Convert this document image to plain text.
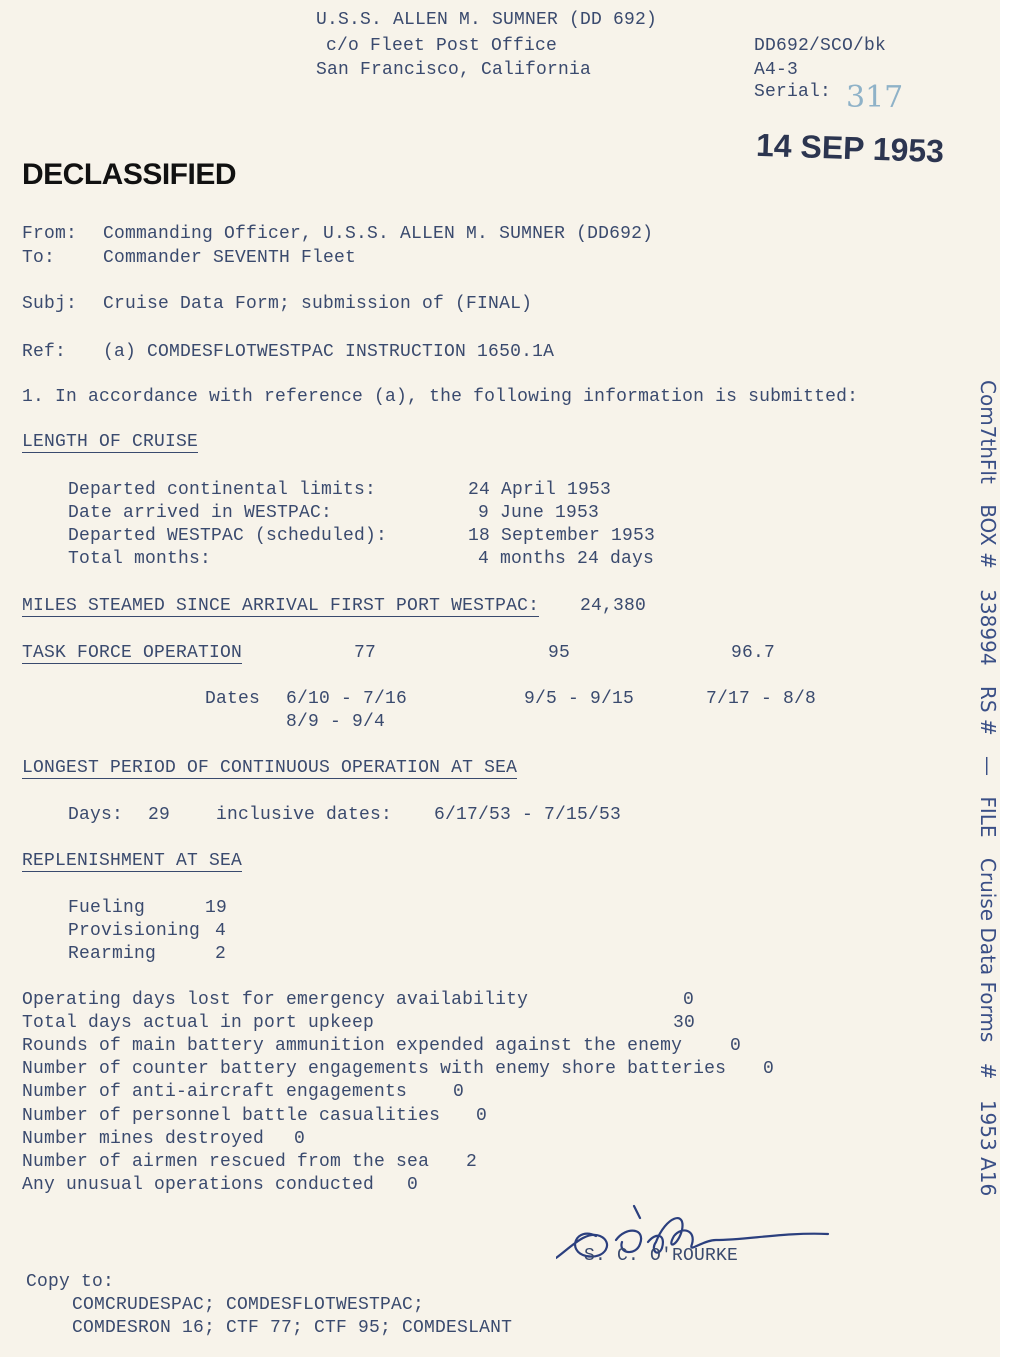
U.S.S. ALLEN M. SUMNER (DD 692)
c/o Fleet Post Office
San Francisco, California
DD692/SCO/bk
A4-3
Serial: 317
14 SEP 1953
DECLASSIFIED
From: Commanding Officer, U.S.S. ALLEN M. SUMNER (DD692)
To:	Commander SEVENTH Fleet
Subj: Cruise Data Form; submission of (FINAL)
Ref: (a) COMDESFLOTWESTPAC INSTRUCTION 1650.1A
1. In accordance with reference (a), the following information is submitted:
LENGTH OF CRUISE
Departed continental limits:	24 April 1953
Date arrived in WESTPAC:	9 June 1953
Departed WESTPAC (scheduled):	18 September 1953
Total months:	4 months 24 days
MILES STEAMED SINCE ARRIVAL FIRST PORT WESTPAC: 24,380
TASK FORCE OPERATION	77	95	96.7
Dates 6/10 - 7/16	9/5 - 9/15	7/17 - 8/8
8/9 - 9/4
LONGEST PERIOD OF CONTINUOUS OPERATION AT SEA
Days: 29	inclusive dates: 6/17/53 - 7/15/53
REPLENISHMENT AT SEA
Fueling	19
Provisioning 4
Rearming	2
Operating days lost for emergency availability	0
Total days actual in port upkeep	30
Rounds of main battery ammunition expended against the enemy	0
Number of counter battery engagements with enemy shore batteries 0
Number of anti-aircraft engagements	0
Number of personnel battle casualities 0
Number mines destroyed 0
Number of airmen rescued from the sea 2
Any unusual operations conducted 0
S. C. O'ROURKE
Copy to:
COMCRUDESPAC; COMDESFLOTWESTPAC;
COMDESRON 16; CTF 77; CTF 95; COMDESLANT
Com7thFlt BOX # 338994 RS # — FILE Cruise Data Forms # 1953 A16
